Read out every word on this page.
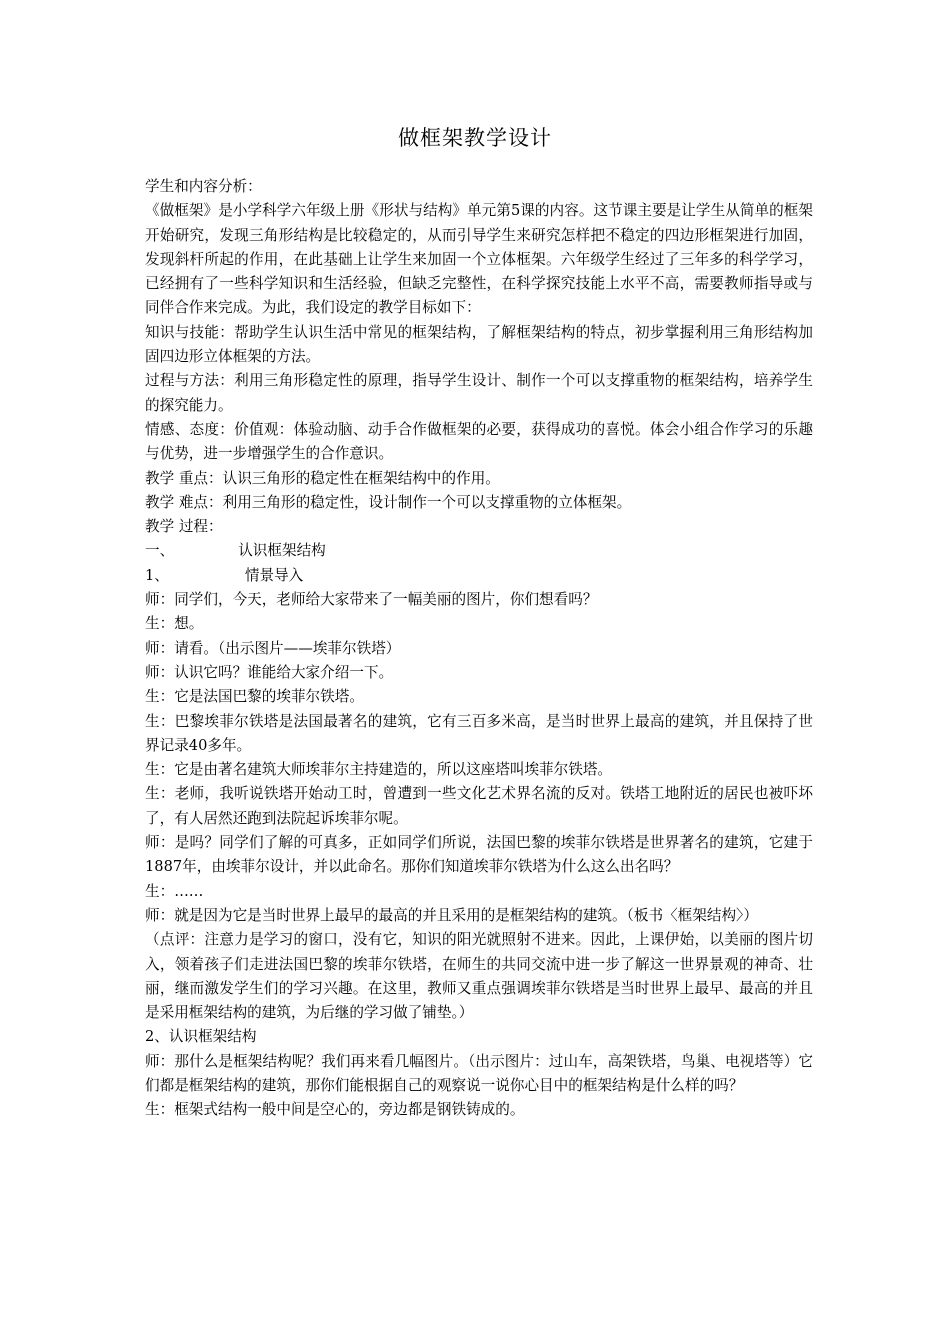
做框架教学设计

学生和内容分析：

《做框架》是小学科学六年级上册《形状与结构》单元第5课的内容。这节课主要是让学生从简单的框架开始研究，发现三角形结构是比较稳定的，从而引导学生来研究怎样把不稳定的四边形框架进行加固，发现斜杆所起的作用，在此基础上让学生来加固一个立体框架。六年级学生经过了三年多的科学学习，已经拥有了一些科学知识和生活经验，但缺乏完整性，在科学探究技能上水平不高，需要教师指导或与同伴合作来完成。为此，我们设定的教学目标如下：

知识与技能：帮助学生认识生活中常见的框架结构，了解框架结构的特点，初步掌握利用三角形结构加固四边形立体框架的方法。

过程与方法：利用三角形稳定性的原理，指导学生设计、制作一个可以支撑重物的框架结构，培养学生的探究能力。

情感、态度：价值观：体验动脑、动手合作做框架的必要，获得成功的喜悦。体会小组合作学习的乐趣与优势，进一步增强学生的合作意识。

教学 重点：认识三角形的稳定性在框架结构中的作用。

教学 难点：利用三角形的稳定性，设计制作一个可以支撑重物的立体框架。

教学 过程：

一、	认识框架结构

1、	情景导入

师：同学们，今天，老师给大家带来了一幅美丽的图片，你们想看吗？

生：想。

师：请看。（出示图片——埃菲尔铁塔）

师：认识它吗？谁能给大家介绍一下。

生：它是法国巴黎的埃菲尔铁塔。

生：巴黎埃菲尔铁塔是法国最著名的建筑，它有三百多米高，是当时世界上最高的建筑，并且保持了世界记录40多年。

生：它是由著名建筑大师埃菲尔主持建造的，所以这座塔叫埃菲尔铁塔。

生：老师，我听说铁塔开始动工时，曾遭到一些文化艺术界名流的反对。铁塔工地附近的居民也被吓坏了，有人居然还跑到法院起诉埃菲尔呢。

师：是吗？同学们了解的可真多，正如同学们所说，法国巴黎的埃菲尔铁塔是世界著名的建筑，它建于1887年，由埃菲尔设计，并以此命名。那你们知道埃菲尔铁塔为什么这么出名吗？

生：……

师：就是因为它是当时世界上最早的最高的并且采用的是框架结构的建筑。（板书〈框架结构〉）

（点评：注意力是学习的窗口，没有它，知识的阳光就照射不进来。因此，上课伊始，以美丽的图片切入，领着孩子们走进法国巴黎的埃菲尔铁塔，在师生的共同交流中进一步了解这一世界景观的神奇、壮丽，继而激发学生们的学习兴趣。在这里，教师又重点强调埃菲尔铁塔是当时世界上最早、最高的并且是采用框架结构的建筑，为后继的学习做了铺垫。）

2、认识框架结构

师：那什么是框架结构呢？我们再来看几幅图片。（出示图片：过山车，高架铁塔，鸟巢、电视塔等）它们都是框架结构的建筑，那你们能根据自己的观察说一说你心目中的框架结构是什么样的吗？

生：框架式结构一般中间是空心的，旁边都是钢铁铸成的。
